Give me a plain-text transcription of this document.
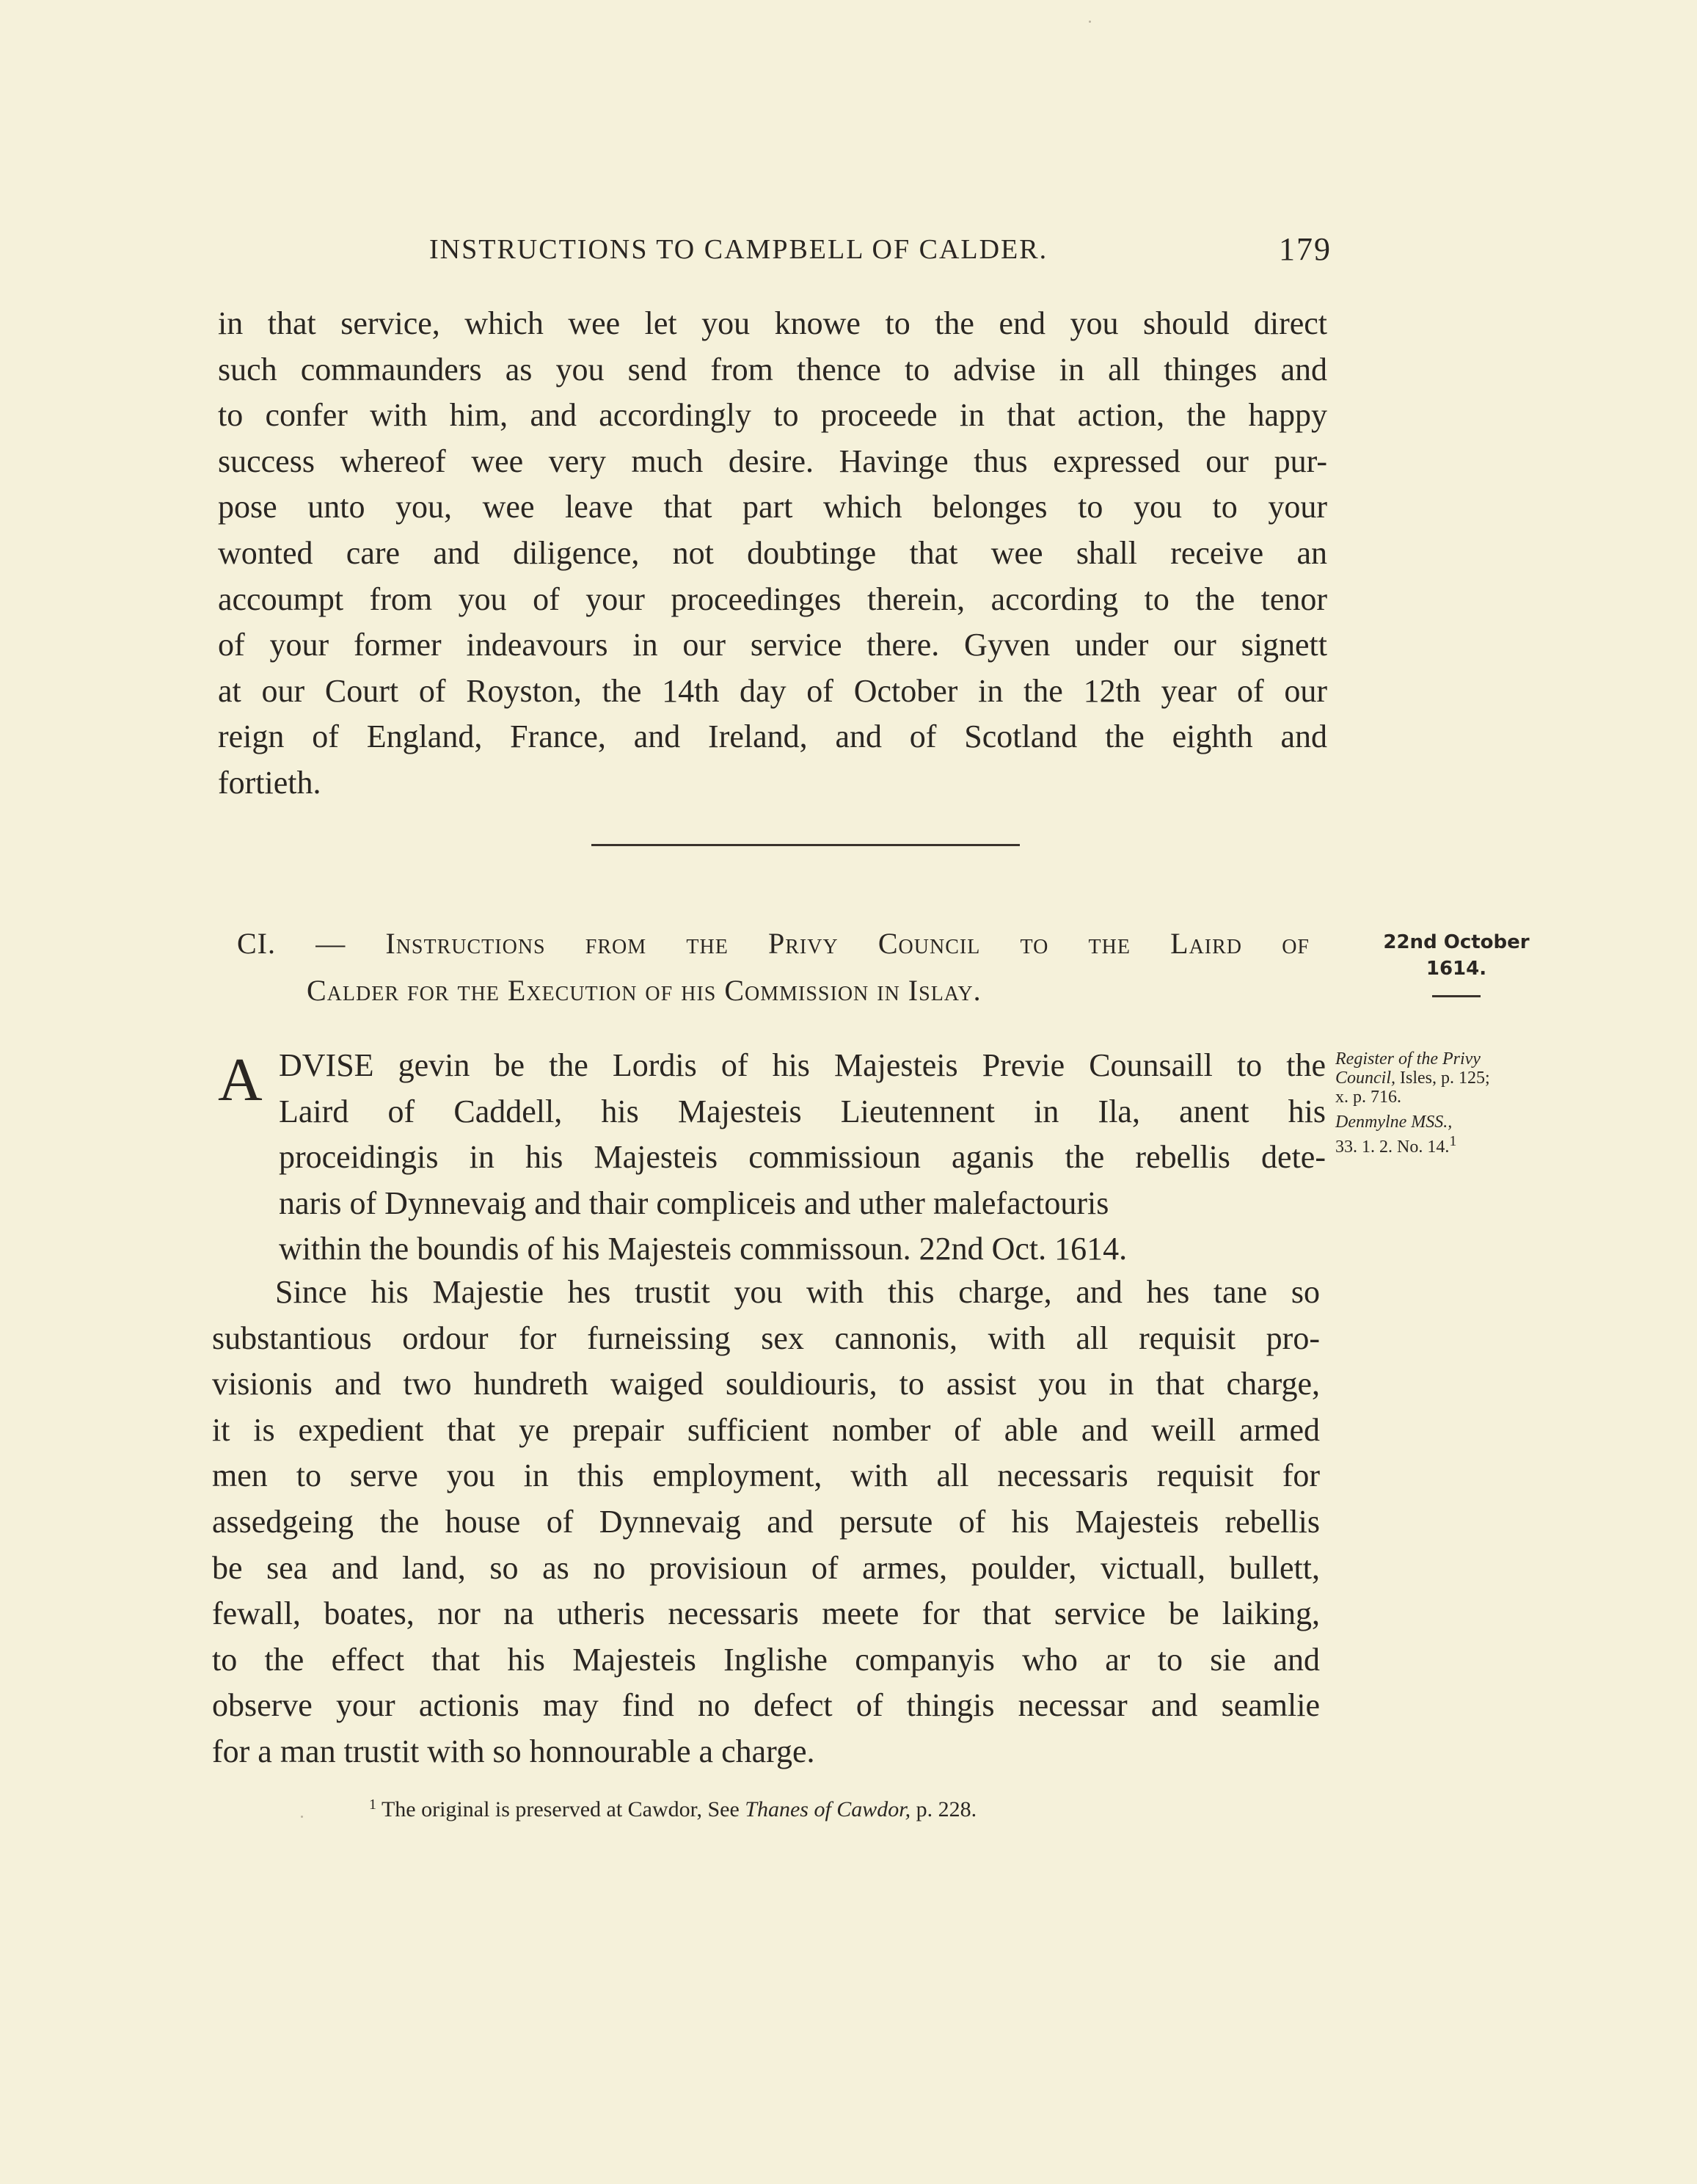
INSTRUCTIONS TO CAMPBELL OF CALDER.	179
in that service, which wee let you knowe to the end you should direct
such commaunders as you send from thence to advise in all thinges and
to confer with him, and accordingly to proceede in that action, the happy
success whereof wee very much desire. Havinge thus expressed our pur-
pose unto you, wee leave that part which belonges to you to your
wonted care and diligence, not doubtinge that wee shall receive an
accoumpt from you of your proceedinges therein, according to the tenor
of your former indeavours in our service there. Gyven under our signett
at our Court of Royston, the 14th day of October in the 12th year of our
reign of England, France, and Ireland, and of Scotland the eighth and
fortieth.
CI. — Instructions from the Privy Council to the Laird of
Calder for the Execution of his Commission in Islay.
22nd October
1614.
A DVISE gevin be the Lordis of his Majesteis Previe Counsaill to the
Laird of Caddell, his Majesteis Lieutennent in Ila, anent his
proceidingis in his Majesteis commissioun aganis the rebellis dete-
naris of Dynnevaig and thair compliceis and uther malefactouris
within the boundis of his Majesteis commissoun. 22nd Oct. 1614.
Register of the Privy
Council, Isles, p. 125;
x. p. 716.
Denmylne MSS.,
33. 1. 2. No. 14.$^1$
Since his Majestie hes trustit you with this charge, and hes tane so
substantious ordour for furneissing sex cannonis, with all requisit pro-
visionis and two hundreth waiged souldiouris, to assist you in that charge,
it is expedient that ye prepair sufficient nomber of able and weill armed
men to serve you in this employment, with all necessaris requisit for
assedgeing the house of Dynnevaig and persute of his Majesteis rebellis
be sea and land, so as no provisioun of armes, poulder, victuall, bullett,
fewall, boates, nor na utheris necessaris meete for that service be laiking,
to the effect that his Majesteis Inglishe companyis who ar to sie and
observe your actionis may find no defect of thingis necessar and seamlie
for a man trustit with so honnourable a charge.
$^1$ The original is preserved at Cawdor, See Thanes of Cawdor, p. 228.
